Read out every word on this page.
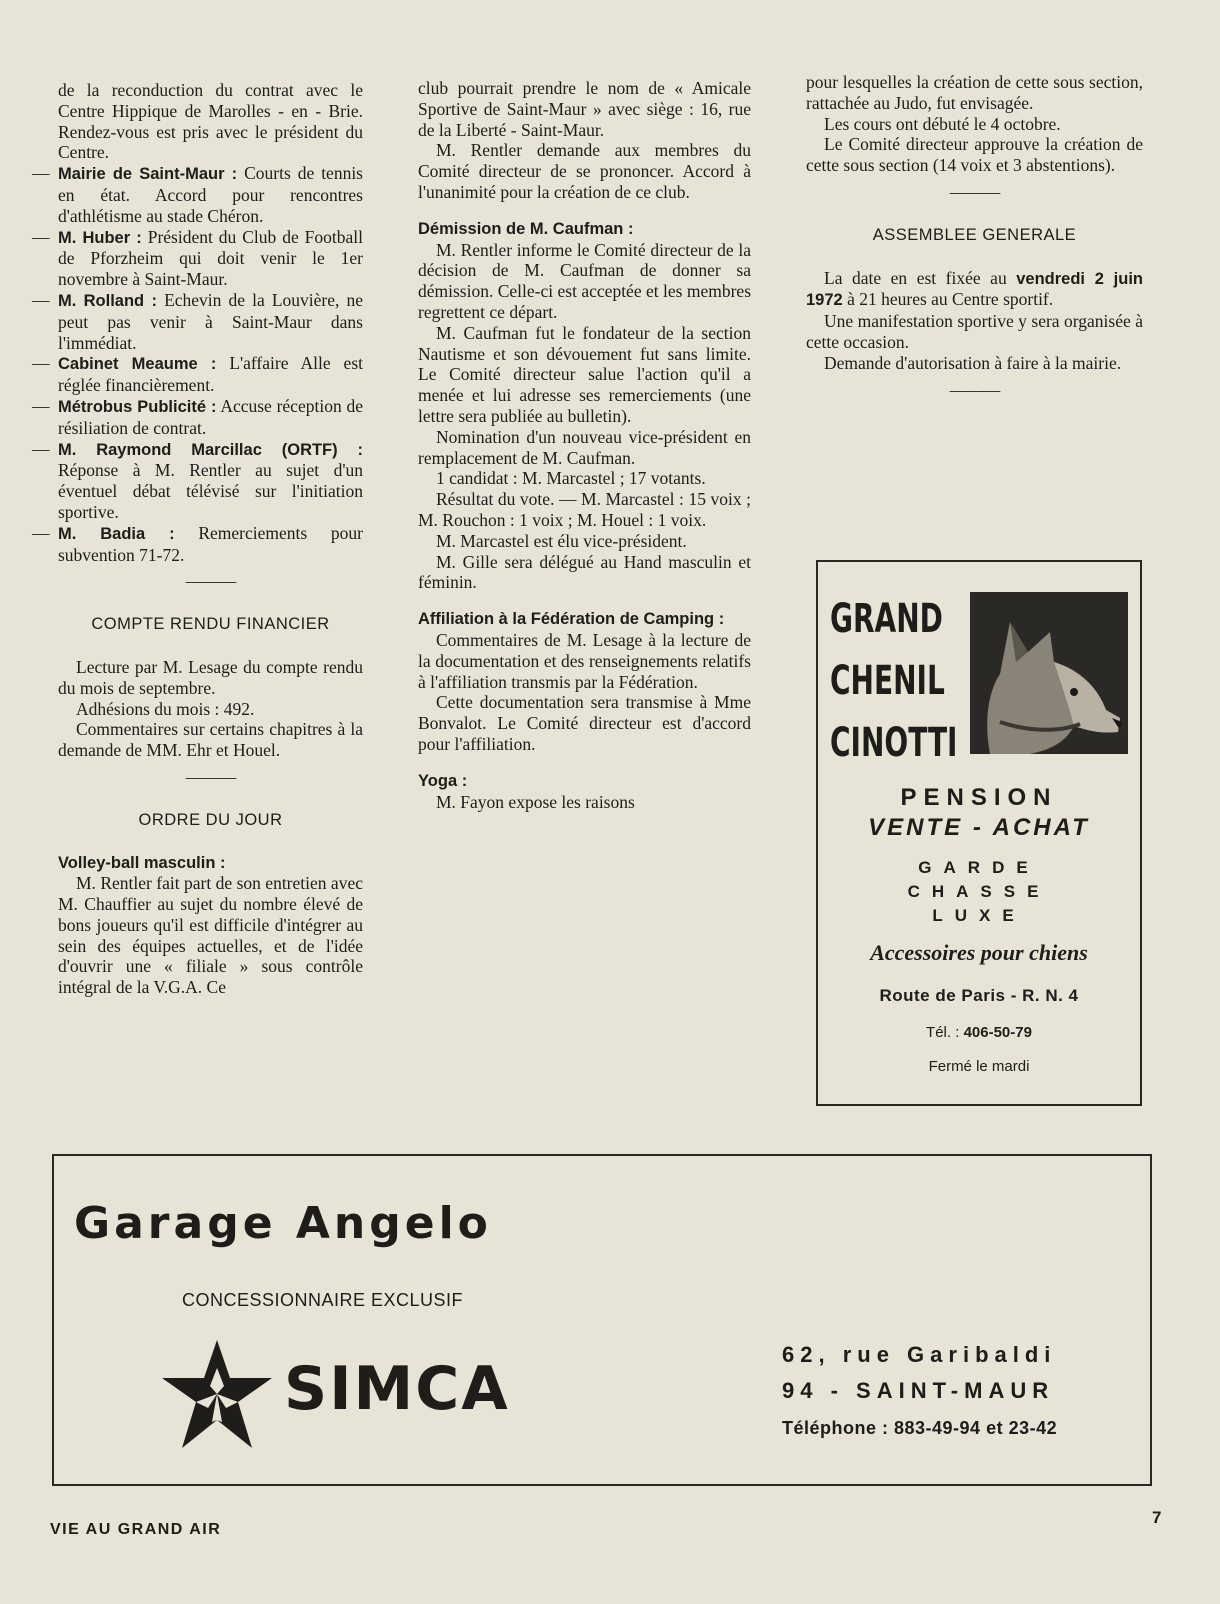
de la reconduction du contrat avec le Centre Hippique de Marolles - en - Brie. Rendez-vous est pris avec le président du Centre.

— Mairie de Saint-Maur : Courts de tennis en état. Accord pour rencontres d'athlétisme au stade Chéron.

— M. Huber : Président du Club de Football de Pforzheim qui doit venir le 1er novembre à Saint-Maur.

— M. Rolland : Echevin de la Louvière, ne peut pas venir à Saint-Maur dans l'immédiat.

— Cabinet Meaume : L'affaire Alle est réglée financièrement.

— Métrobus Publicité : Accuse réception de résiliation de contrat.

— M. Raymond Marcillac (ORTF) : Réponse à M. Rentler au sujet d'un éventuel débat télévisé sur l'initiation sportive.

— M. Badia : Remerciements pour subvention 71-72.

———

COMPTE RENDU FINANCIER

Lecture par M. Lesage du compte rendu du mois de septembre.

Adhésions du mois : 492.

Commentaires sur certains chapitres à la demande de MM. Ehr et Houel.

———

ORDRE DU JOUR

Volley-ball masculin :

M. Rentler fait part de son entretien avec M. Chauffier au sujet du nombre élevé de bons joueurs qu'il est difficile d'intégrer au sein des équipes actuelles, et de l'idée d'ouvrir une « filiale » sous contrôle intégral de la V.G.A. Ce

club pourrait prendre le nom de « Amicale Sportive de Saint-Maur » avec siège : 16, rue de la Liberté - Saint-Maur.

M. Rentler demande aux membres du Comité directeur de se prononcer. Accord à l'unanimité pour la création de ce club.

Démission de M. Caufman :

M. Rentler informe le Comité directeur de la décision de M. Caufman de donner sa démission. Celle-ci est acceptée et les membres regrettent ce départ.

M. Caufman fut le fondateur de la section Nautisme et son dévouement fut sans limite. Le Comité directeur salue l'action qu'il a menée et lui adresse ses remerciements (une lettre sera publiée au bulletin).

Nomination d'un nouveau vice-président en remplacement de M. Caufman.

1 candidat : M. Marcastel ; 17 votants.

Résultat du vote. — M. Marcastel : 15 voix ; M. Rouchon : 1 voix ; M. Houel : 1 voix.

M. Marcastel est élu vice-président.

M. Gille sera délégué au Hand masculin et féminin.

Affiliation à la Fédération de Camping :

Commentaires de M. Lesage à la lecture de la documentation et des renseignements relatifs à l'affiliation transmis par la Fédération.

Cette documentation sera transmise à Mme Bonvalot. Le Comité directeur est d'accord pour l'affiliation.

Yoga :

M. Fayon expose les raisons

pour lesquelles la création de cette sous section, rattachée au Judo, fut envisagée.

Les cours ont débuté le 4 octobre.

Le Comité directeur approuve la création de cette sous section (14 voix et 3 abstentions).

———

ASSEMBLEE GENERALE

La date en est fixée au vendredi 2 juin 1972 à 21 heures au Centre sportif.

Une manifestation sportive y sera organisée à cette occasion.

Demande d'autorisation à faire à la mairie.

———

GRAND
CHENIL
CINOTTI
PENSION
VENTE - ACHAT
GARDE
CHASSE
LUXE
Accessoires pour chiens
Route de Paris - R. N. 4
Tél. : 406-50-79
Fermé le mardi
Garage Angelo
CONCESSIONNAIRE EXCLUSIF
SIMCA	62, rue Garibaldi
94 - SAINT-MAUR
Téléphone : 883-49-94 et 23-42
VIE AU GRAND AIR
7
